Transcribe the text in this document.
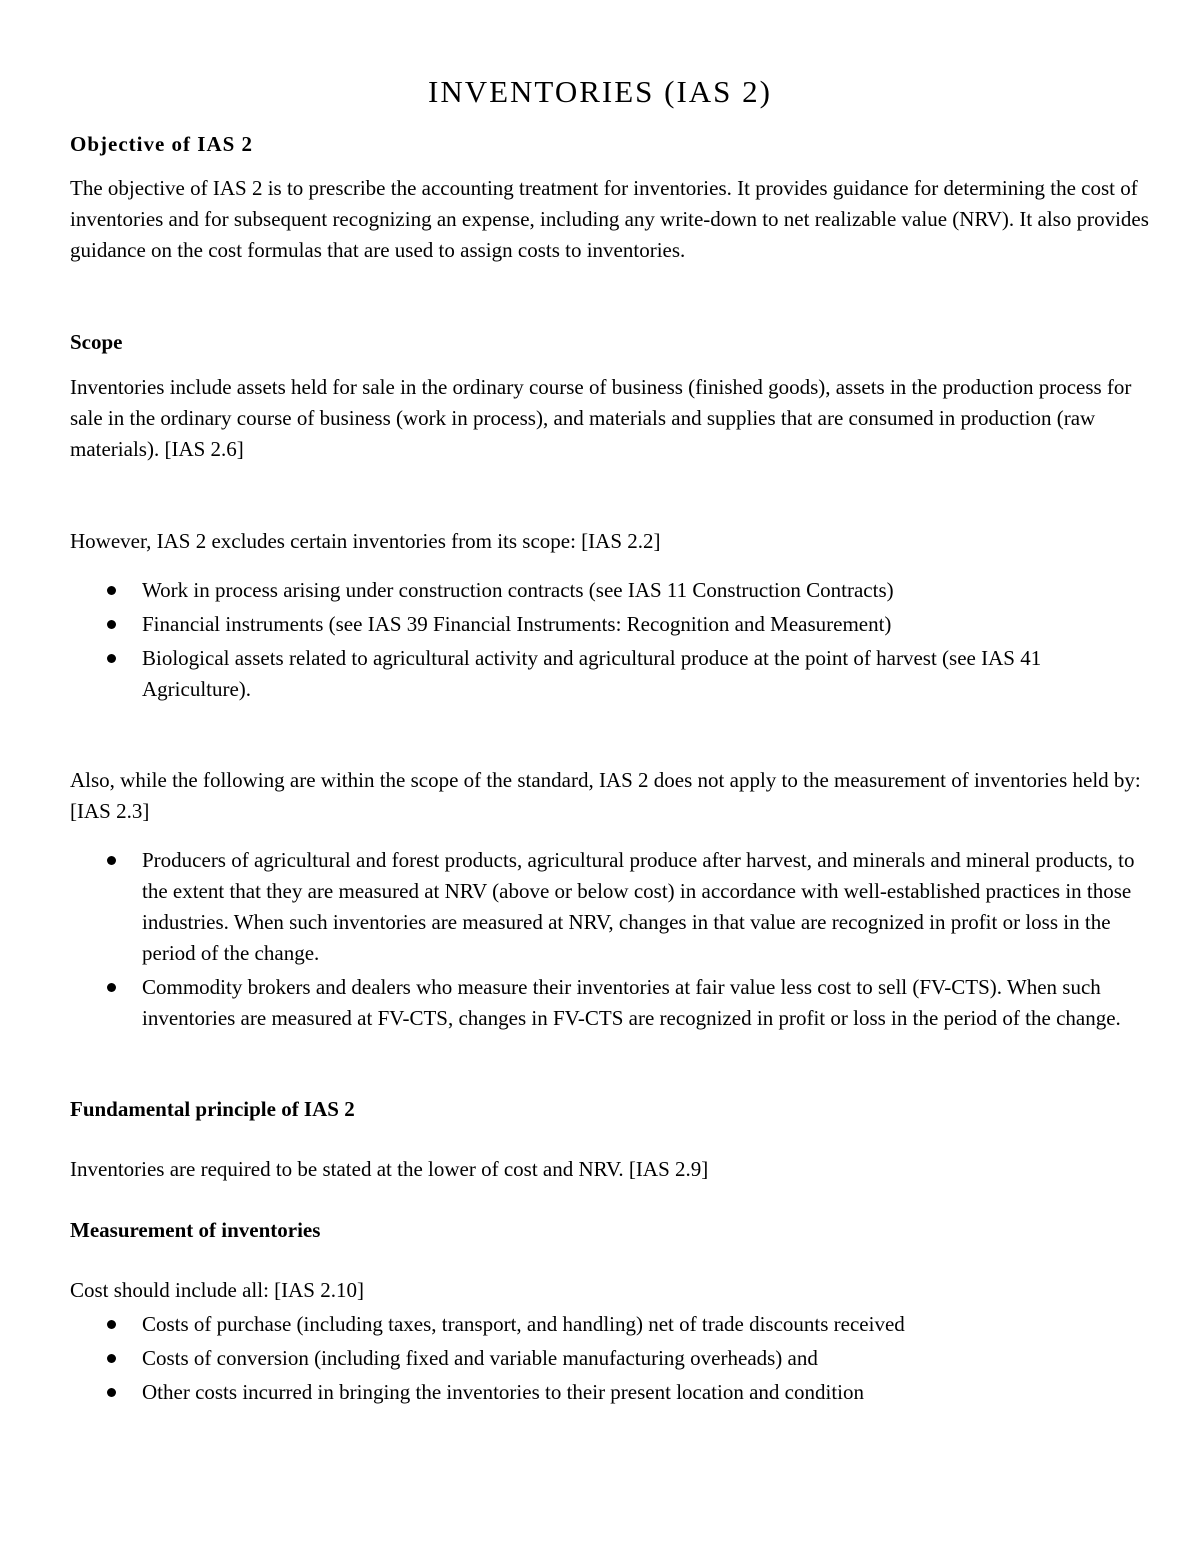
INVENTORIES (IAS 2)
Objective of IAS 2

The objective of IAS 2 is to prescribe the accounting treatment for inventories. It provides guidance for determining the cost of inventories and for subsequent recognizing an expense, including any write-down to net realizable value (NRV). It also provides guidance on the cost formulas that are used to assign costs to inventories.

Scope

Inventories include assets held for sale in the ordinary course of business (finished goods), assets in the production process for sale in the ordinary course of business (work in process), and materials and supplies that are consumed in production (raw materials). [IAS 2.6]

However, IAS 2 excludes certain inventories from its scope: [IAS 2.2]

Work in process arising under construction contracts (see IAS 11 Construction Contracts)
Financial instruments (see IAS 39 Financial Instruments: Recognition and Measurement)
Biological assets related to agricultural activity and agricultural produce at the point of harvest (see IAS 41 Agriculture).

Also, while the following are within the scope of the standard, IAS 2 does not apply to the measurement of inventories held by: [IAS 2.3]

Producers of agricultural and forest products, agricultural produce after harvest, and minerals and mineral products, to the extent that they are measured at NRV (above or below cost) in accordance with well-established practices in those industries. When such inventories are measured at NRV, changes in that value are recognized in profit or loss in the period of the change.
Commodity brokers and dealers who measure their inventories at fair value less cost to sell (FV-CTS). When such inventories are measured at FV-CTS, changes in FV-CTS are recognized in profit or loss in the period of the change.
Fundamental principle of IAS 2

Inventories are required to be stated at the lower of cost and NRV. [IAS 2.9]

Measurement of inventories

Cost should include all: [IAS 2.10]

Costs of purchase (including taxes, transport, and handling) net of trade discounts received
Costs of conversion (including fixed and variable manufacturing overheads) and
Other costs incurred in bringing the inventories to their present location and condition
